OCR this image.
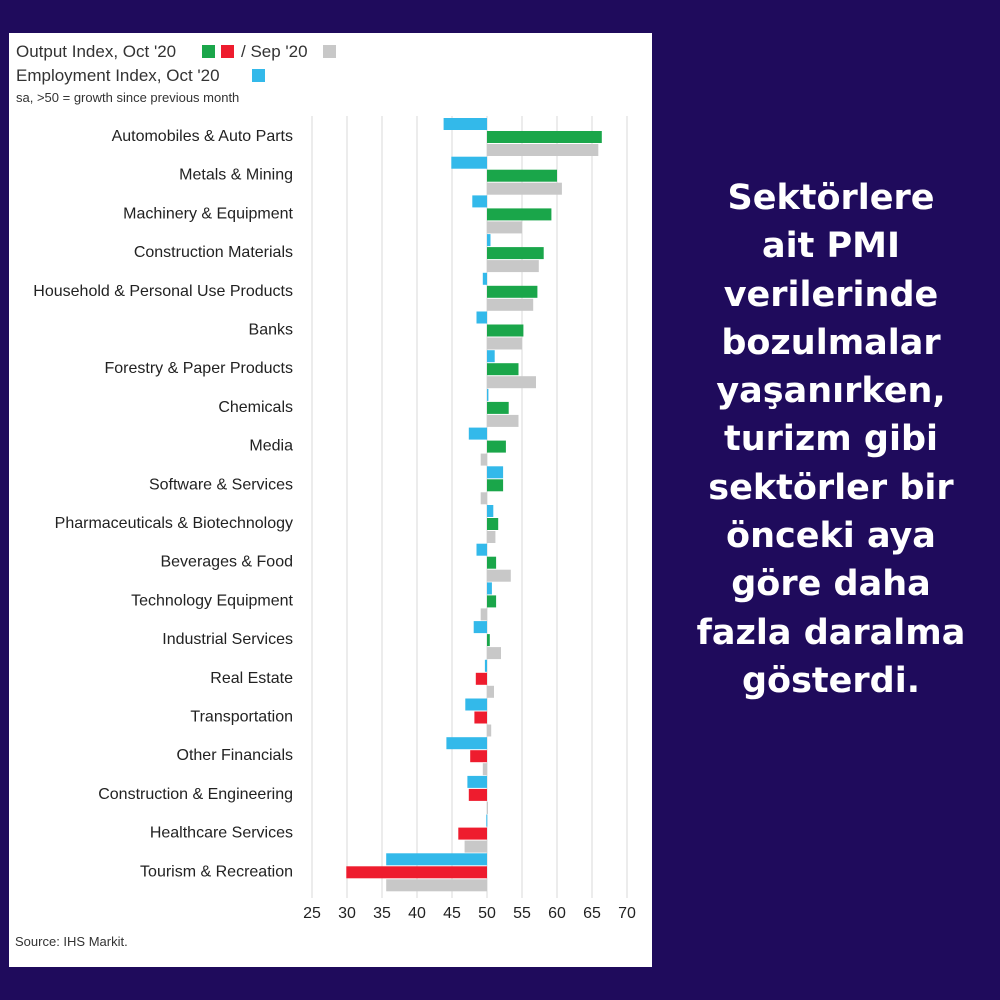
Output Index, Oct '20	/ Sep '20
Employment Index, Oct '20
sa, >50 = growth since previous month
Automobiles & Auto Parts
Metals & Mining
Machinery & Equipment
Construction Materials
Household & Personal Use Products
Banks
Forestry & Paper Products
Chemicals
Media
Software & Services
Pharmaceuticals & Biotechnology
Beverages & Food
Technology Equipment
Industrial Services
Real Estate
Transportation
Other Financials
Construction & Engineering
Healthcare Services
Tourism & Recreation
25 30 35 40 45 50 55 60 65 70
Source: IHS Markit.
Sektörlere
ait PMI
verilerinde
bozulmalar
yaşanırken,
turizm gibi
sektörler bir
önceki aya
göre daha
fazla daralma
gösterdi.
